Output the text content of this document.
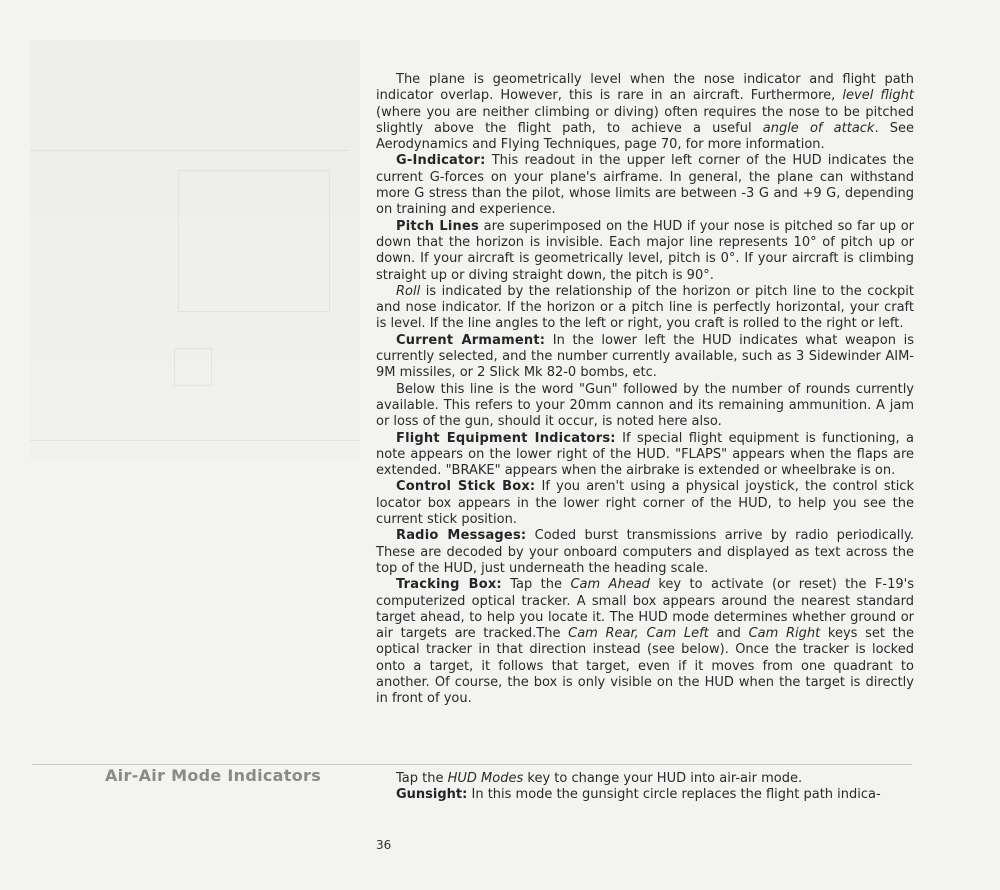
The plane is geometrically level when the nose indicator and flight path indicator overlap. However, this is rare in an aircraft. Furthermore, level flight (where you are neither climbing or diving) often requires the nose to be pitched slightly above the flight path, to achieve a useful angle of attack. See Aerodynamics and Flying Techniques, page 70, for more information.

G-Indicator: This readout in the upper left corner of the HUD indicates the current G-forces on your plane's airframe. In general, the plane can withstand more G stress than the pilot, whose limits are between -3 G and +9 G, depending on training and experience.

Pitch Lines are superimposed on the HUD if your nose is pitched so far up or down that the horizon is invisible. Each major line represents 10° of pitch up or down. If your aircraft is geometrically level, pitch is 0°. If your aircraft is climbing straight up or diving straight down, the pitch is 90°.

Roll is indicated by the relationship of the horizon or pitch line to the cockpit and nose indicator. If the horizon or a pitch line is perfectly horizontal, your craft is level. If the line angles to the left or right, you craft is rolled to the right or left.

Current Armament: In the lower left the HUD indicates what weapon is currently selected, and the number currently available, such as 3 Sidewinder AIM-9M missiles, or 2 Slick Mk 82-0 bombs, etc.

Below this line is the word "Gun" followed by the number of rounds currently available. This refers to your 20mm cannon and its remaining ammunition. A jam or loss of the gun, should it occur, is noted here also.

Flight Equipment Indicators: If special flight equipment is functioning, a note appears on the lower right of the HUD. "FLAPS" appears when the flaps are extended. "BRAKE" appears when the airbrake is extended or wheelbrake is on.

Control Stick Box: If you aren't using a physical joystick, the control stick locator box appears in the lower right corner of the HUD, to help you see the current stick position.

Radio Messages: Coded burst transmissions arrive by radio periodically. These are decoded by your onboard computers and displayed as text across the top of the HUD, just underneath the heading scale.

Tracking Box: Tap the Cam Ahead key to activate (or reset) the F-19's computerized optical tracker. A small box appears around the nearest standard target ahead, to help you locate it. The HUD mode determines whether ground or air targets are tracked.The Cam Rear, Cam Left and Cam Right keys set the optical tracker in that direction instead (see below). Once the tracker is locked onto a target, it follows that target, even if it moves from one quadrant to another. Of course, the box is only visible on the HUD when the target is directly in front of you.

Air-Air Mode Indicators	Tap the HUD Modes key to change your HUD into air-air mode.

Gunsight: In this mode the gunsight circle replaces the flight path indica-

36
